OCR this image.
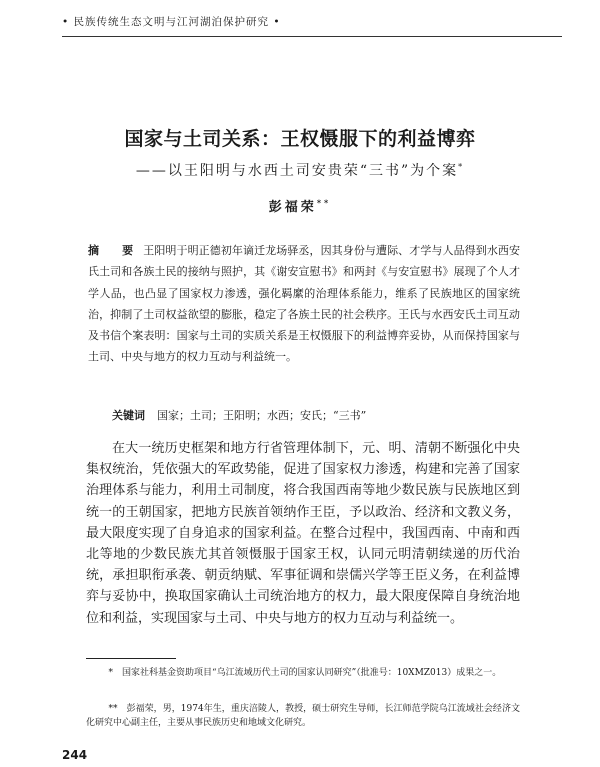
• 民族传统生态文明与江河湖泊保护研究 •
国家与土司关系：王权慑服下的利益博弈
——以王阳明与水西土司安贵荣“三书”为个案*
彭福荣**
摘　要 王阳明于明正德初年谪迁龙场驿丞，因其身份与遭际、才学与人品得到水西安氏土司和各族土民的接纳与照护，其《谢安宣慰书》和两封《与安宣慰书》展现了个人才学人品，也凸显了国家权力渗透，强化羁縻的治理体系能力，维系了民族地区的国家统治，抑制了土司权益欲望的膨胀，稳定了各族土民的社会秩序。王氏与水西安氏土司互动及书信个案表明：国家与土司的实质关系是王权慑服下的利益博弈妥协，从而保持国家与土司、中央与地方的权力互动与利益统一。
关键词 国家；土司；王阳明；水西；安氏；“三书”
在大一统历史框架和地方行省管理体制下，元、明、清朝不断强化中央集权统治，凭依强大的军政势能，促进了国家权力渗透，构建和完善了国家治理体系与能力，利用土司制度，将合我国西南等地少数民族与民族地区到统一的王朝国家，把地方民族首领纳作王臣，予以政治、经济和文教义务，最大限度实现了自身追求的国家利益。在整合过程中，我国西南、中南和西北等地的少数民族尤其首领慑服于国家王权，认同元明清朝续递的历代治统，承担职衔承袭、朝贡纳赋、军事征调和崇儒兴学等王臣义务，在利益博弈与妥协中，换取国家确认土司统治地方的权力，最大限度保障自身统治地位和利益，实现国家与土司、中央与地方的权力互动与利益统一。
*　 国家社科基金资助项目“乌江流域历代土司的国家认同研究”（批准号：10XMZ013）成果之一。
**　 彭福荣，男，1974年生，重庆涪陵人，教授，硕士研究生导师，长江师范学院乌江流域社会经济文化研究中心副主任，主要从事民族历史和地域文化研究。
244
